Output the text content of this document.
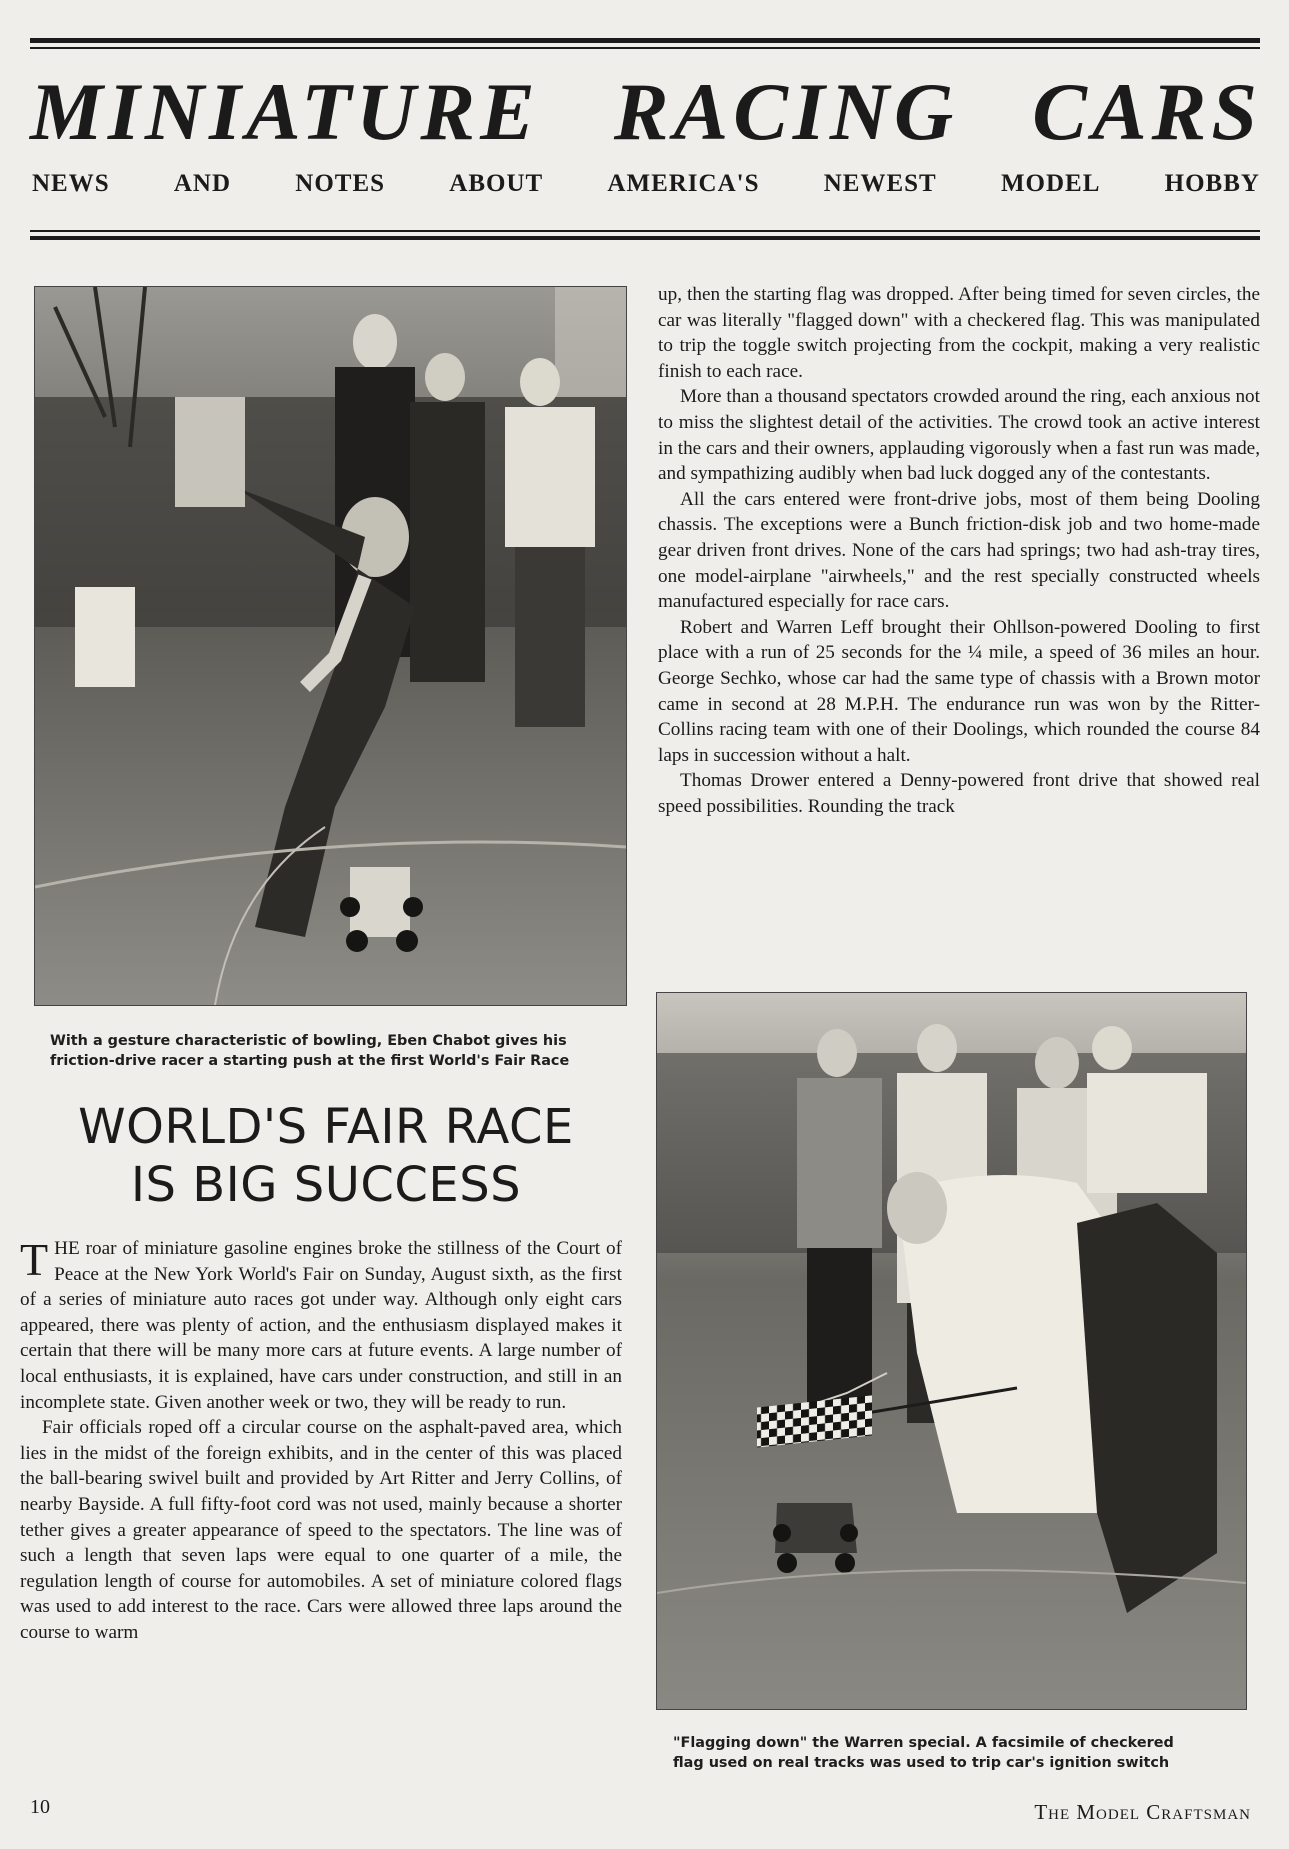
MINIATURE RACING CARS
NEWS	AND	NOTES	ABOUT	AMERICA'S	NEWEST	MODEL	HOBBY
With a gesture characteristic of bowling, Eben Chabot gives his
friction-drive racer a starting push at the first World's Fair Race
WORLD'S FAIR RACE
IS BIG SUCCESS

THE roar of miniature gasoline engines broke the stillness of the Court of Peace at the New York World's Fair on Sunday, August sixth, as the first of a series of miniature auto races got under way. Although only eight cars appeared, there was plenty of action, and the enthusiasm displayed makes it certain that there will be many more cars at future events. A large number of local enthusiasts, it is explained, have cars under construction, and still in an incomplete state. Given another week or two, they will be ready to run.

Fair officials roped off a circular course on the asphalt-paved area, which lies in the midst of the foreign exhibits, and in the center of this was placed the ball-bearing swivel built and provided by Art Ritter and Jerry Collins, of nearby Bayside. A full fifty-foot cord was not used, mainly because a shorter tether gives a greater appearance of speed to the spectators. The line was of such a length that seven laps were equal to one quarter of a mile, the regulation length of course for automobiles. A set of miniature colored flags was used to add interest to the race. Cars were allowed three laps around the course to warm

up, then the starting flag was dropped. After being timed for seven circles, the car was literally "flagged down" with a checkered flag. This was manipulated to trip the toggle switch projecting from the cockpit, making a very realistic finish to each race.

More than a thousand spectators crowded around the ring, each anxious not to miss the slightest detail of the activities. The crowd took an active interest in the cars and their owners, applauding vigorously when a fast run was made, and sympathizing audibly when bad luck dogged any of the contestants.

All the cars entered were front-drive jobs, most of them being Dooling chassis. The exceptions were a Bunch friction-disk job and two home-made gear driven front drives. None of the cars had springs; two had ash-tray tires, one model-airplane "airwheels," and the rest specially constructed wheels manufactured especially for race cars.

Robert and Warren Leff brought their Ohllson-powered Dooling to first place with a run of 25 seconds for the ¼ mile, a speed of 36 miles an hour. George Sechko, whose car had the same type of chassis with a Brown motor came in second at 28 M.P.H. The endurance run was won by the Ritter-Collins racing team with one of their Doolings, which rounded the course 84 laps in succession without a halt.

Thomas Drower entered a Denny-powered front drive that showed real speed possibilities. Rounding the track

"Flagging down" the Warren special. A facsimile of checkered
flag used on real tracks was used to trip car's ignition switch
10	The Model Craftsman
